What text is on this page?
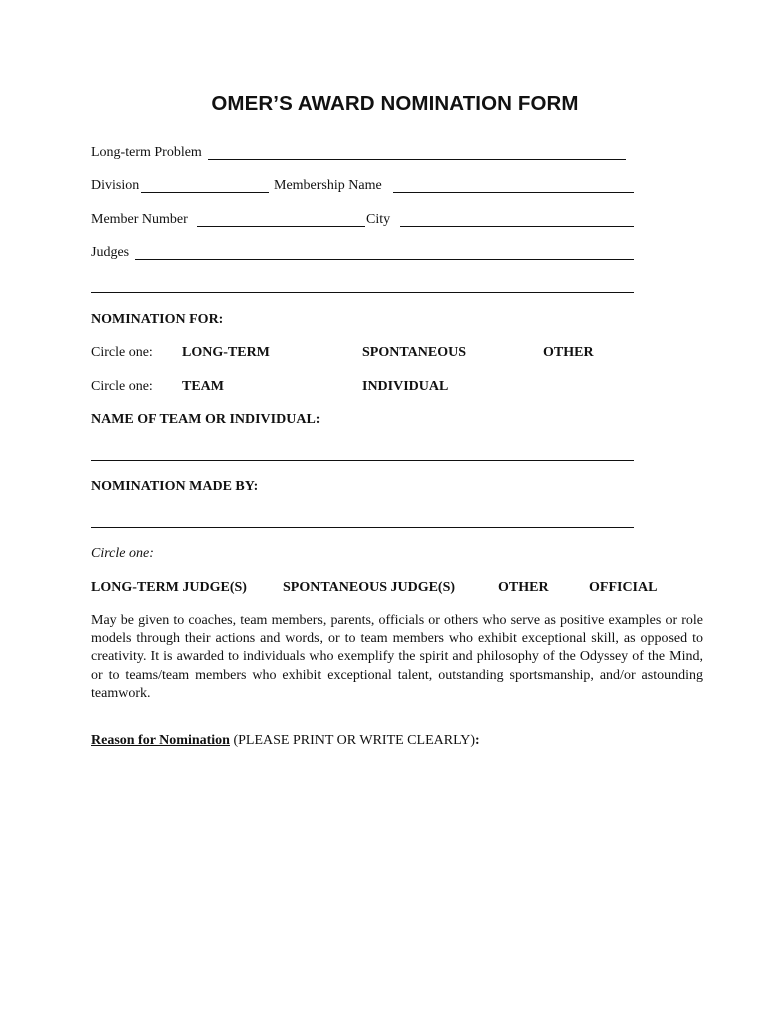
OMER’S AWARD NOMINATION FORM
Long-term Problem
Division	Membership Name
Member Number	City
Judges
NOMINATION FOR:
Circle one: LONG-TERM	SPONTANEOUS	OTHER
Circle one: TEAM	INDIVIDUAL
NAME OF TEAM OR INDIVIDUAL:
NOMINATION MADE BY:
Circle one:
LONG-TERM JUDGE(S)	SPONTANEOUS JUDGE(S)	OTHER	OFFICIAL
May be given to coaches, team members, parents, officials or others who serve as positive examples or role models through their actions and words, or to team members who exhibit exceptional skill, as opposed to creativity. It is awarded to individuals who exemplify the spirit and philosophy of the Odyssey of the Mind, or to teams/team members who exhibit exceptional talent, outstanding sportsmanship, and/or astounding teamwork.
Reason for Nomination (PLEASE PRINT OR WRITE CLEARLY):
